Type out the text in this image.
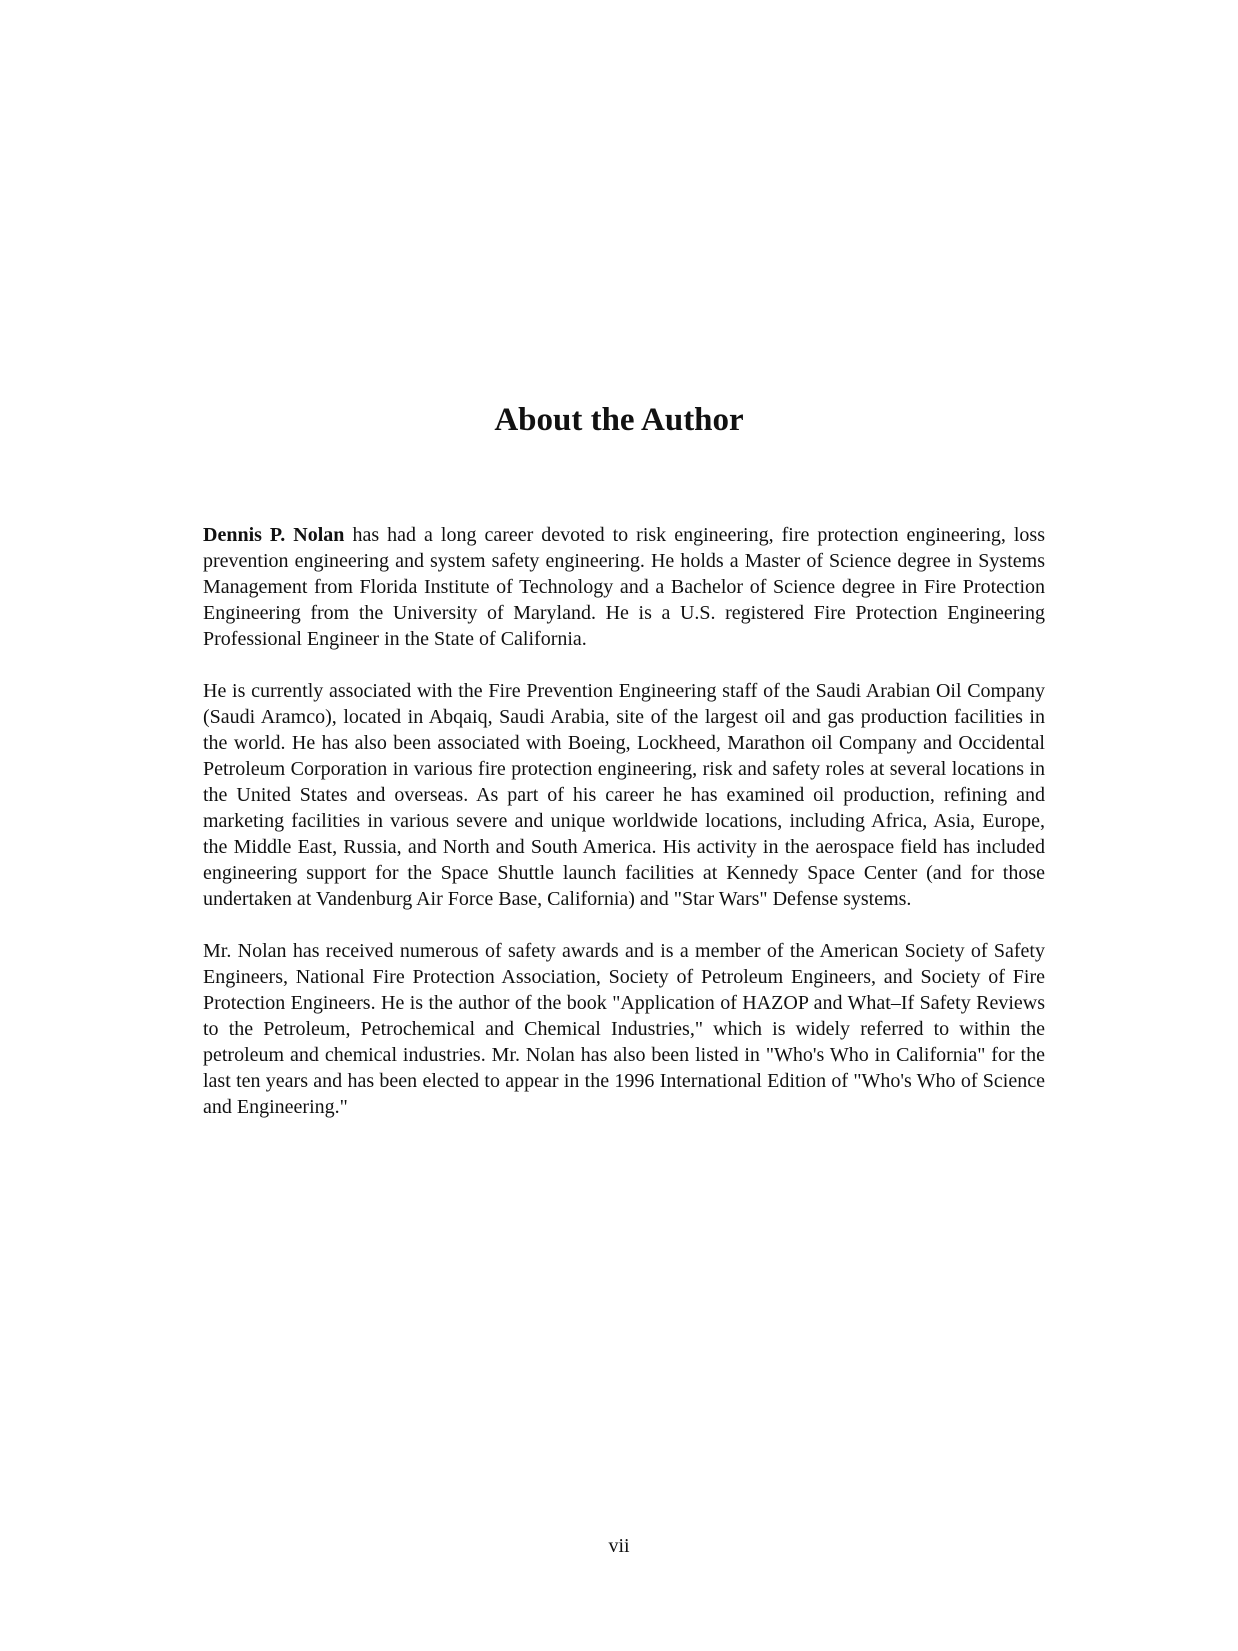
About the Author

Dennis P. Nolan has had a long career devoted to risk engineering, fire protection engineering, loss prevention engineering and system safety engineering. He holds a Master of Science degree in Systems Management from Florida Institute of Technology and a Bachelor of Science degree in Fire Protection Engineering from the University of Maryland. He is a U.S. registered Fire Protection Engineering Professional Engineer in the State of California.

He is currently associated with the Fire Prevention Engineering staff of the Saudi Arabian Oil Company (Saudi Aramco), located in Abqaiq, Saudi Arabia, site of the largest oil and gas production facilities in the world. He has also been associated with Boeing, Lockheed, Marathon oil Company and Occidental Petroleum Corporation in various fire protection engineering, risk and safety roles at several locations in the United States and overseas. As part of his career he has examined oil production, refining and marketing facilities in various severe and unique worldwide locations, including Africa, Asia, Europe, the Middle East, Russia, and North and South America. His activity in the aerospace field has included engineering support for the Space Shuttle launch facilities at Kennedy Space Center (and for those undertaken at Vandenburg Air Force Base, California) and "Star Wars" Defense systems.

Mr. Nolan has received numerous of safety awards and is a member of the American Society of Safety Engineers, National Fire Protection Association, Society of Petroleum Engineers, and Society of Fire Protection Engineers. He is the author of the book "Application of HAZOP and What–If Safety Reviews to the Petroleum, Petrochemical and Chemical Industries," which is widely referred to within the petroleum and chemical industries. Mr. Nolan has also been listed in "Who's Who in California" for the last ten years and has been elected to appear in the 1996 International Edition of "Who's Who of Science and Engineering."

vii
